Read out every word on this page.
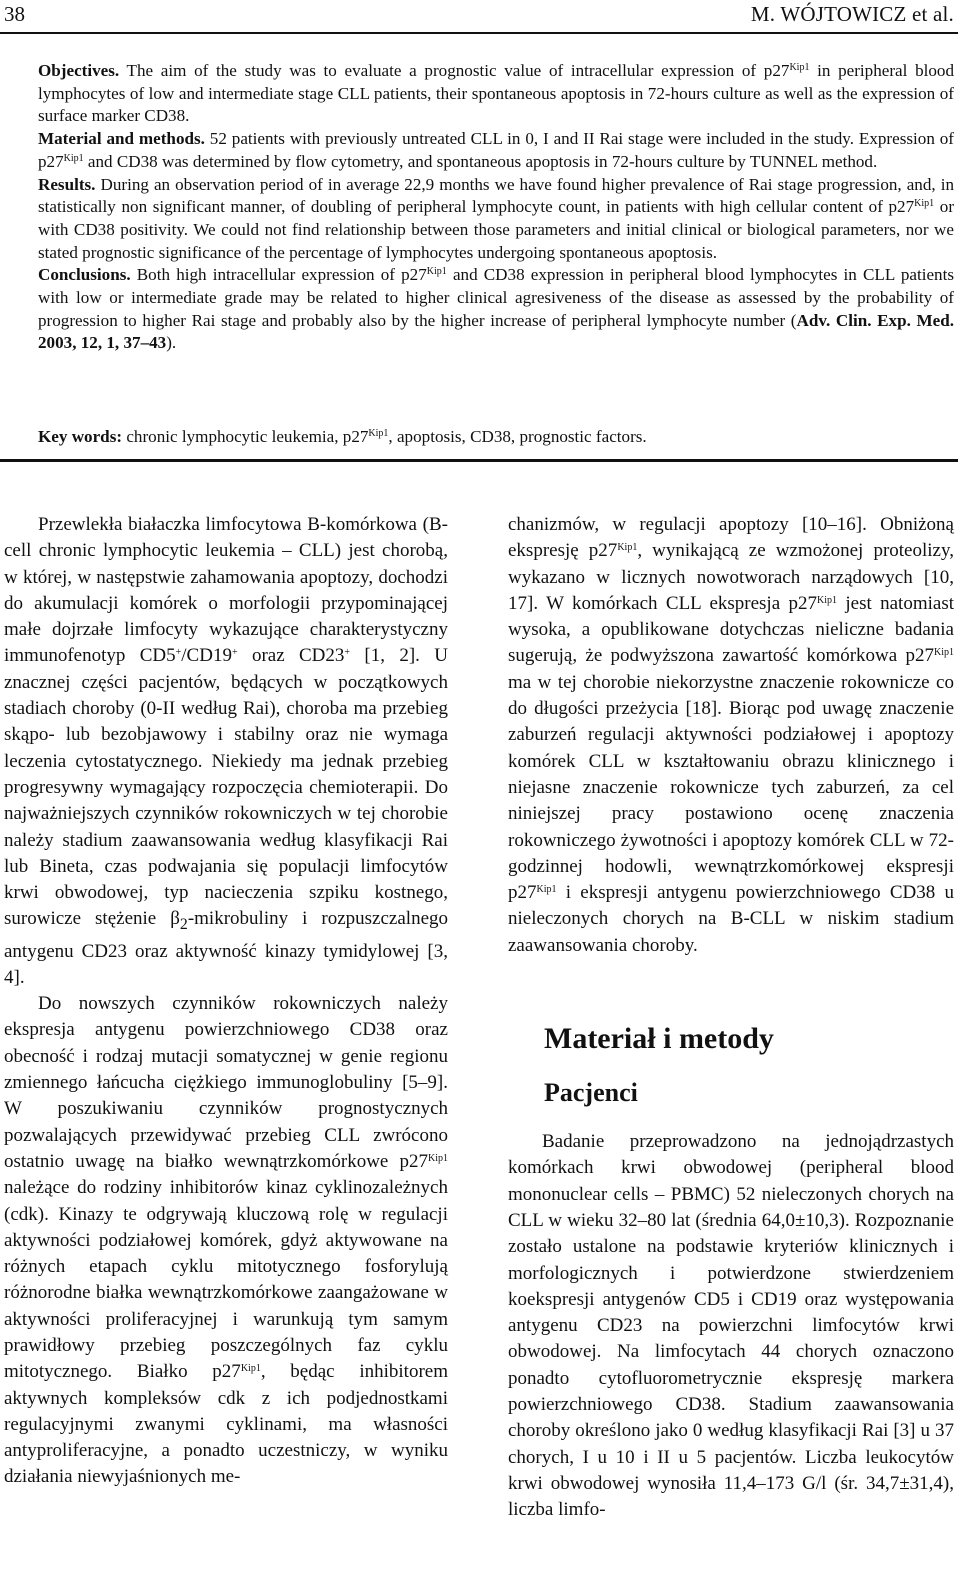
38	M. WÓJTOWICZ et al.

Objectives. The aim of the study was to evaluate a prognostic value of intracellular expression of $p27^{Kip1}$ in peripheral blood lymphocytes of low and intermediate stage CLL patients, their spontaneous apoptosis in 72-hours culture as well as the expression of surface marker CD38.

Material and methods. 52 patients with previously untreated CLL in 0, I and II Rai stage were included in the study. Expression of $p27^{Kip1}$ and CD38 was determined by flow cytometry, and spontaneous apoptosis in 72-hours culture by TUNNEL method.

Results. During an observation period of in average 22,9 months we have found higher prevalence of Rai stage progression, and, in statistically non significant manner, of doubling of peripheral lymphocyte count, in patients with high cellular content of $p27^{Kip1}$ or with CD38 positivity. We could not find relationship between those parameters and initial clinical or biological parameters, nor we stated prognostic significance of the percentage of lymphocytes undergoing spontaneous apoptosis.

Conclusions. Both high intracellular expression of $p27^{Kip1}$ and CD38 expression in peripheral blood lymphocytes in CLL patients with low or intermediate grade may be related to higher clinical agresiveness of the disease as assessed by the probability of progression to higher Rai stage and probably also by the higher increase of peripheral lymphocyte number (Adv. Clin. Exp. Med. 2003, 12, 1, 37–43).

Key words: chronic lymphocytic leukemia, $p27^{Kip1}$, apoptosis, CD38, prognostic factors.

Przewlekła białaczka limfocytowa B-komórkowa (B-cell chronic lymphocytic leukemia – CLL) jest chorobą, w której, w następstwie zahamowania apoptozy, dochodzi do akumulacji komórek o morfologii przypominającej małe dojrzałe limfocyty wykazujące charakterystyczny immunofenotyp CD5+/CD19+ oraz CD23+ [1, 2]. U znacznej części pacjentów, będących w początkowych stadiach choroby (0-II według Rai), choroba ma przebieg skąpo- lub bezobjawowy i stabilny oraz nie wymaga leczenia cytostatycznego. Niekiedy ma jednak przebieg progresywny wymagający rozpoczęcia chemioterapii. Do najważniejszych czynników rokowniczych w tej chorobie należy stadium zaawansowania według klasyfikacji Rai lub Bineta, czas podwajania się populacji limfocytów krwi obwodowej, typ nacieczenia szpiku kostnego, surowicze stężenie $\beta_2$-mikrobuliny i rozpuszczalnego antygenu CD23 oraz aktywność kinazy tymidylowej [3, 4].

Do nowszych czynników rokowniczych należy ekspresja antygenu powierzchniowego CD38 oraz obecność i rodzaj mutacji somatycznej w genie regionu zmiennego łańcucha ciężkiego immunoglobuliny [5–9]. W poszukiwaniu czynników prognostycznych pozwalających przewidywać przebieg CLL zwrócono ostatnio uwagę na białko wewnątrzkomórkowe $p27^{Kip1}$ należące do rodziny inhibitorów kinaz cyklinozależnych (cdk). Kinazy te odgrywają kluczową rolę w regulacji aktywności podziałowej komórek, gdyż aktywowane na różnych etapach cyklu mitotycznego fosforylują różnorodne białka wewnątrzkomórkowe zaangażowane w aktywności proliferacyjnej i warunkują tym samym prawidłowy przebieg poszczególnych faz cyklu mitotycznego. Białko $p27^{Kip1}$, będąc inhibitorem aktywnych kompleksów cdk z ich podjednostkami regulacyjnymi zwanymi cyklinami, ma własności antyproliferacyjne, a ponadto uczestniczy, w wyniku działania niewyjaśnionych me-

chanizmów, w regulacji apoptozy [10–16]. Obniżoną ekspresję $p27^{Kip1}$, wynikającą ze wzmożonej proteolizy, wykazano w licznych nowotworach narządowych [10, 17]. W komórkach CLL ekspresja $p27^{Kip1}$ jest natomiast wysoka, a opublikowane dotychczas nieliczne badania sugerują, że podwyższona zawartość komórkowa $p27^{Kip1}$ ma w tej chorobie niekorzystne znaczenie rokownicze co do długości przeżycia [18]. Biorąc pod uwagę znaczenie zaburzeń regulacji aktywności podziałowej i apoptozy komórek CLL w kształtowaniu obrazu klinicznego i niejasne znaczenie rokownicze tych zaburzeń, za cel niniejszej pracy postawiono ocenę znaczenia rokowniczego żywotności i apoptozy komórek CLL w 72-godzinnej hodowli, wewnątrzkomórkowej ekspresji $p27^{Kip1}$ i ekspresji antygenu powierzchniowego CD38 u nieleczonych chorych na B-CLL w niskim stadium zaawansowania choroby.

Materiał i metody
Pacjenci

Badanie przeprowadzono na jednojądrzastych komórkach krwi obwodowej (peripheral blood mononuclear cells – PBMC) 52 nieleczonych chorych na CLL w wieku 32–80 lat (średnia 64,0±10,3). Rozpoznanie zostało ustalone na podstawie kryteriów klinicznych i morfologicznych i potwierdzone stwierdzeniem koekspresji antygenów CD5 i CD19 oraz występowania antygenu CD23 na powierzchni limfocytów krwi obwodowej. Na limfocytach 44 chorych oznaczono ponadto cytofluorometrycznie ekspresję markera powierzchniowego CD38. Stadium zaawansowania choroby określono jako 0 według klasyfikacji Rai [3] u 37 chorych, I u 10 i II u 5 pacjentów. Liczba leukocytów krwi obwodowej wynosiła 11,4–173 G/l (śr. 34,7±31,4), liczba limfo-
